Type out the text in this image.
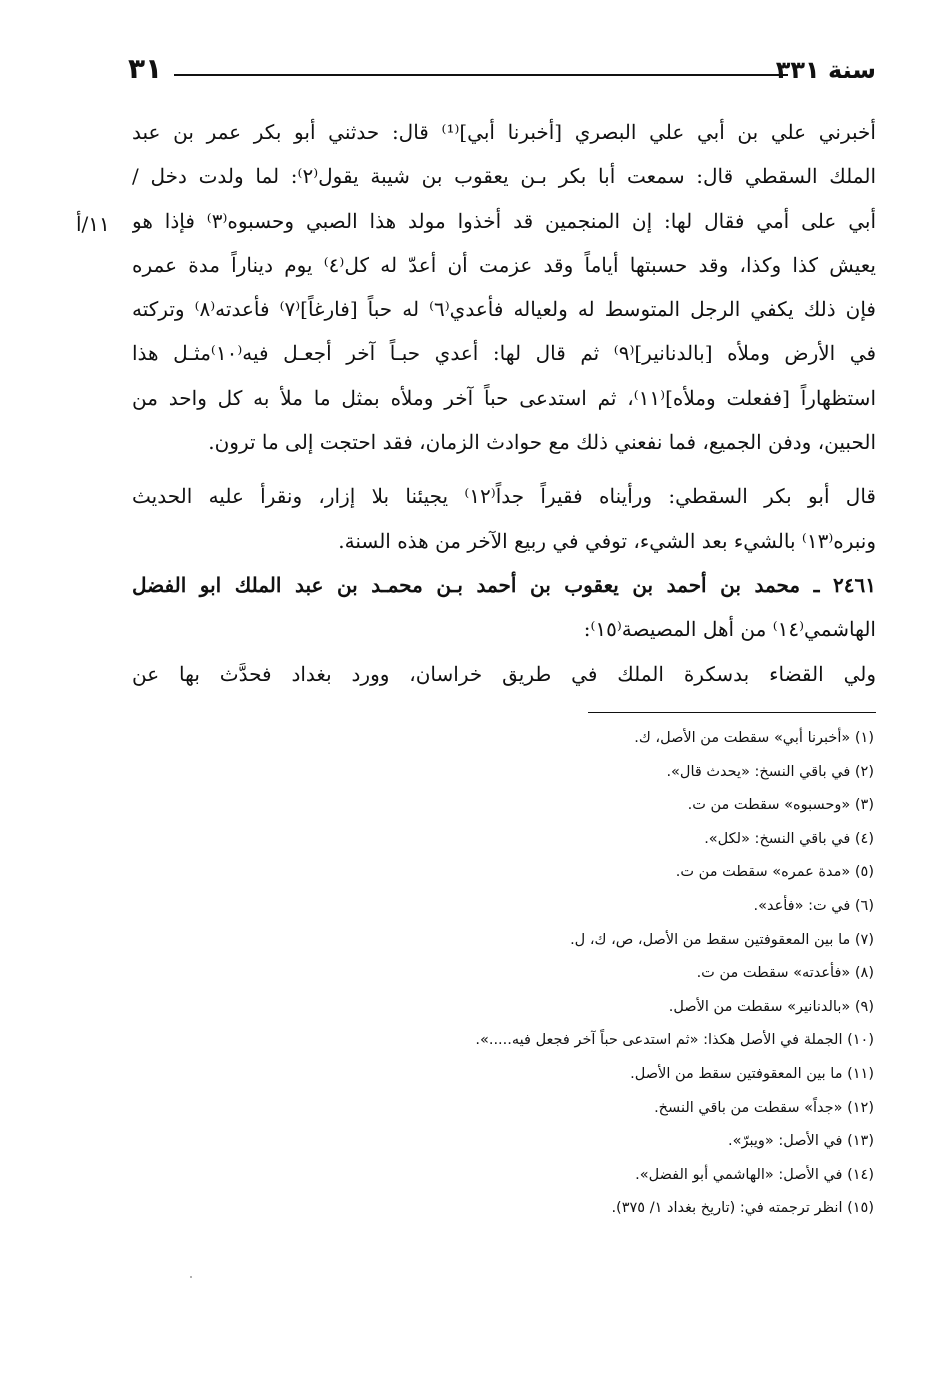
سنة ٣٣١
٣١
١١/أ
أخبرني علي بن أبي علي البصري [أخبرنا أبي]⁽¹⁾ قال: حدثني أبو بكر عمر بن عبد
الملك السقطي قال: سمعت أبا بكر بـن يعقوب بن شيبة يقول⁽٢⁾: لما ولدت دخل /
أبي على أمي فقال لها: إن المنجمين قد أخذوا مولد هذا الصبي وحسبوه⁽٣⁾ فإذا هو
يعيش كذا وكذا، وقد حسبتها أياماً وقد عزمت أن أعدّ له كل⁽٤⁾ يوم ديناراً مدة عمره
فإن ذلك يكفي الرجل المتوسط له ولعياله فأعدي⁽٦⁾ له حباً [فارغاً]⁽٧⁾ فأعدته⁽٨⁾ وتركته
في الأرض وملأه [بالدنانير]⁽٩⁾ ثم قال لها: أعدي حبـاً آخر أجعـل فيه⁽١٠⁾مثـل هذا
استظهاراً [ففعلت وملأه]⁽١١⁾، ثم استدعى حباً آخر وملأه بمثل ما ملأ به كل واحد من
الحبين، ودفن الجميع، فما نفعني ذلك مع حوادث الزمان، فقد احتجت إلى ما ترون.
قال أبو بكر السقطي: ورأيناه فقيراً جداً⁽١٢⁾ يجيئنا بلا إزار، ونقرأ عليه الحديث
ونبره⁽١٣⁾ بالشيء بعد الشيء، توفي في ربيع الآخر من هذه السنة.
٢٤٦١ ـ محمد بن أحمد بن يعقوب بن أحمد بـن محمـد بن عبد الملك ابو الفضل
الهاشمي⁽١٤⁾ من أهل المصيصة⁽١٥⁾:
ولي القضاء بدسكرة الملك في طريق خراسان، وورد بغداد فحدَّث بها عن
(١) «أخبرنا أبي» سقطت من الأصل، ك.
(٢) في باقي النسخ: «يحدث قال».
(٣) «وحسبوه» سقطت من ت.
(٤) في باقي النسخ: «لكل».
(٥) «مدة عمره» سقطت من ت.
(٦) في ت: «فأعد».
(٧) ما بين المعقوفتين سقط من الأصل، ص، ك، ل.
(٨) «فأعدته» سقطت من ت.
(٩) «بالدنانير» سقطت من الأصل.
(١٠) الجملة في الأصل هكذا: «ثم استدعى حباً آخر فجعل فيه.....».
(١١) ما بين المعقوفتين سقط من الأصل.
(١٢) «جداً» سقطت من باقي النسخ.
(١٣) في الأصل: «ويبرّ».
(١٤) في الأصل: «الهاشمي أبو الفضل».
(١٥) انظر ترجمته في: (تاريخ بغداد ١/ ٣٧٥).
